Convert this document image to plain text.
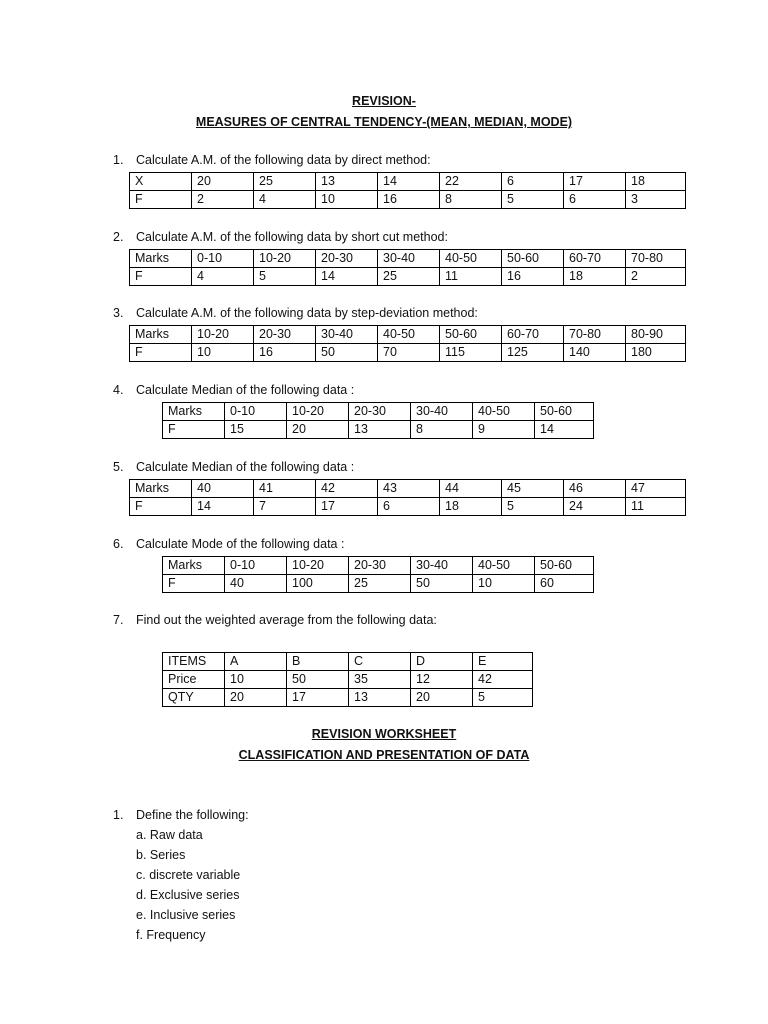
REVISION-
MEASURES OF CENTRAL TENDENCY-(MEAN, MEDIAN, MODE)
1. Calculate A.M. of the following data by direct method:
X	20	25	13	14	22	6	17	18
F	2	4	10	16	8	5	6	3
2. Calculate A.M. of the following data by short cut method:
Marks	0-10	10-20	20-30	30-40	40-50	50-60	60-70	70-80
F	4	5	14	25	11	16	18	2
3. Calculate A.M. of the following data by step-deviation method:
Marks	10-20	20-30	30-40	40-50	50-60	60-70	70-80	80-90
F	10	16	50	70	115	125	140	180
4. Calculate Median of the following data :
Marks	0-10	10-20	20-30	30-40	40-50	50-60
F	15	20	13	8	9	14
5. Calculate Median of the following data :
Marks	40	41	42	43	44	45	46	47
F	14	7	17	6	18	5	24	11
6. Calculate Mode of the following data :
Marks	0-10	10-20	20-30	30-40	40-50	50-60
F	40	100	25	50	10	60
7. Find out the weighted average from the following data:
ITEMS	A	B	C	D	E
Price	10	50	35	12	42
QTY	20	17	13	20	5
REVISION WORKSHEET
CLASSIFICATION AND PRESENTATION OF DATA
1. Define the following:
a. Raw data
b. Series
c. discrete variable
d. Exclusive series
e. Inclusive series
f. Frequency
